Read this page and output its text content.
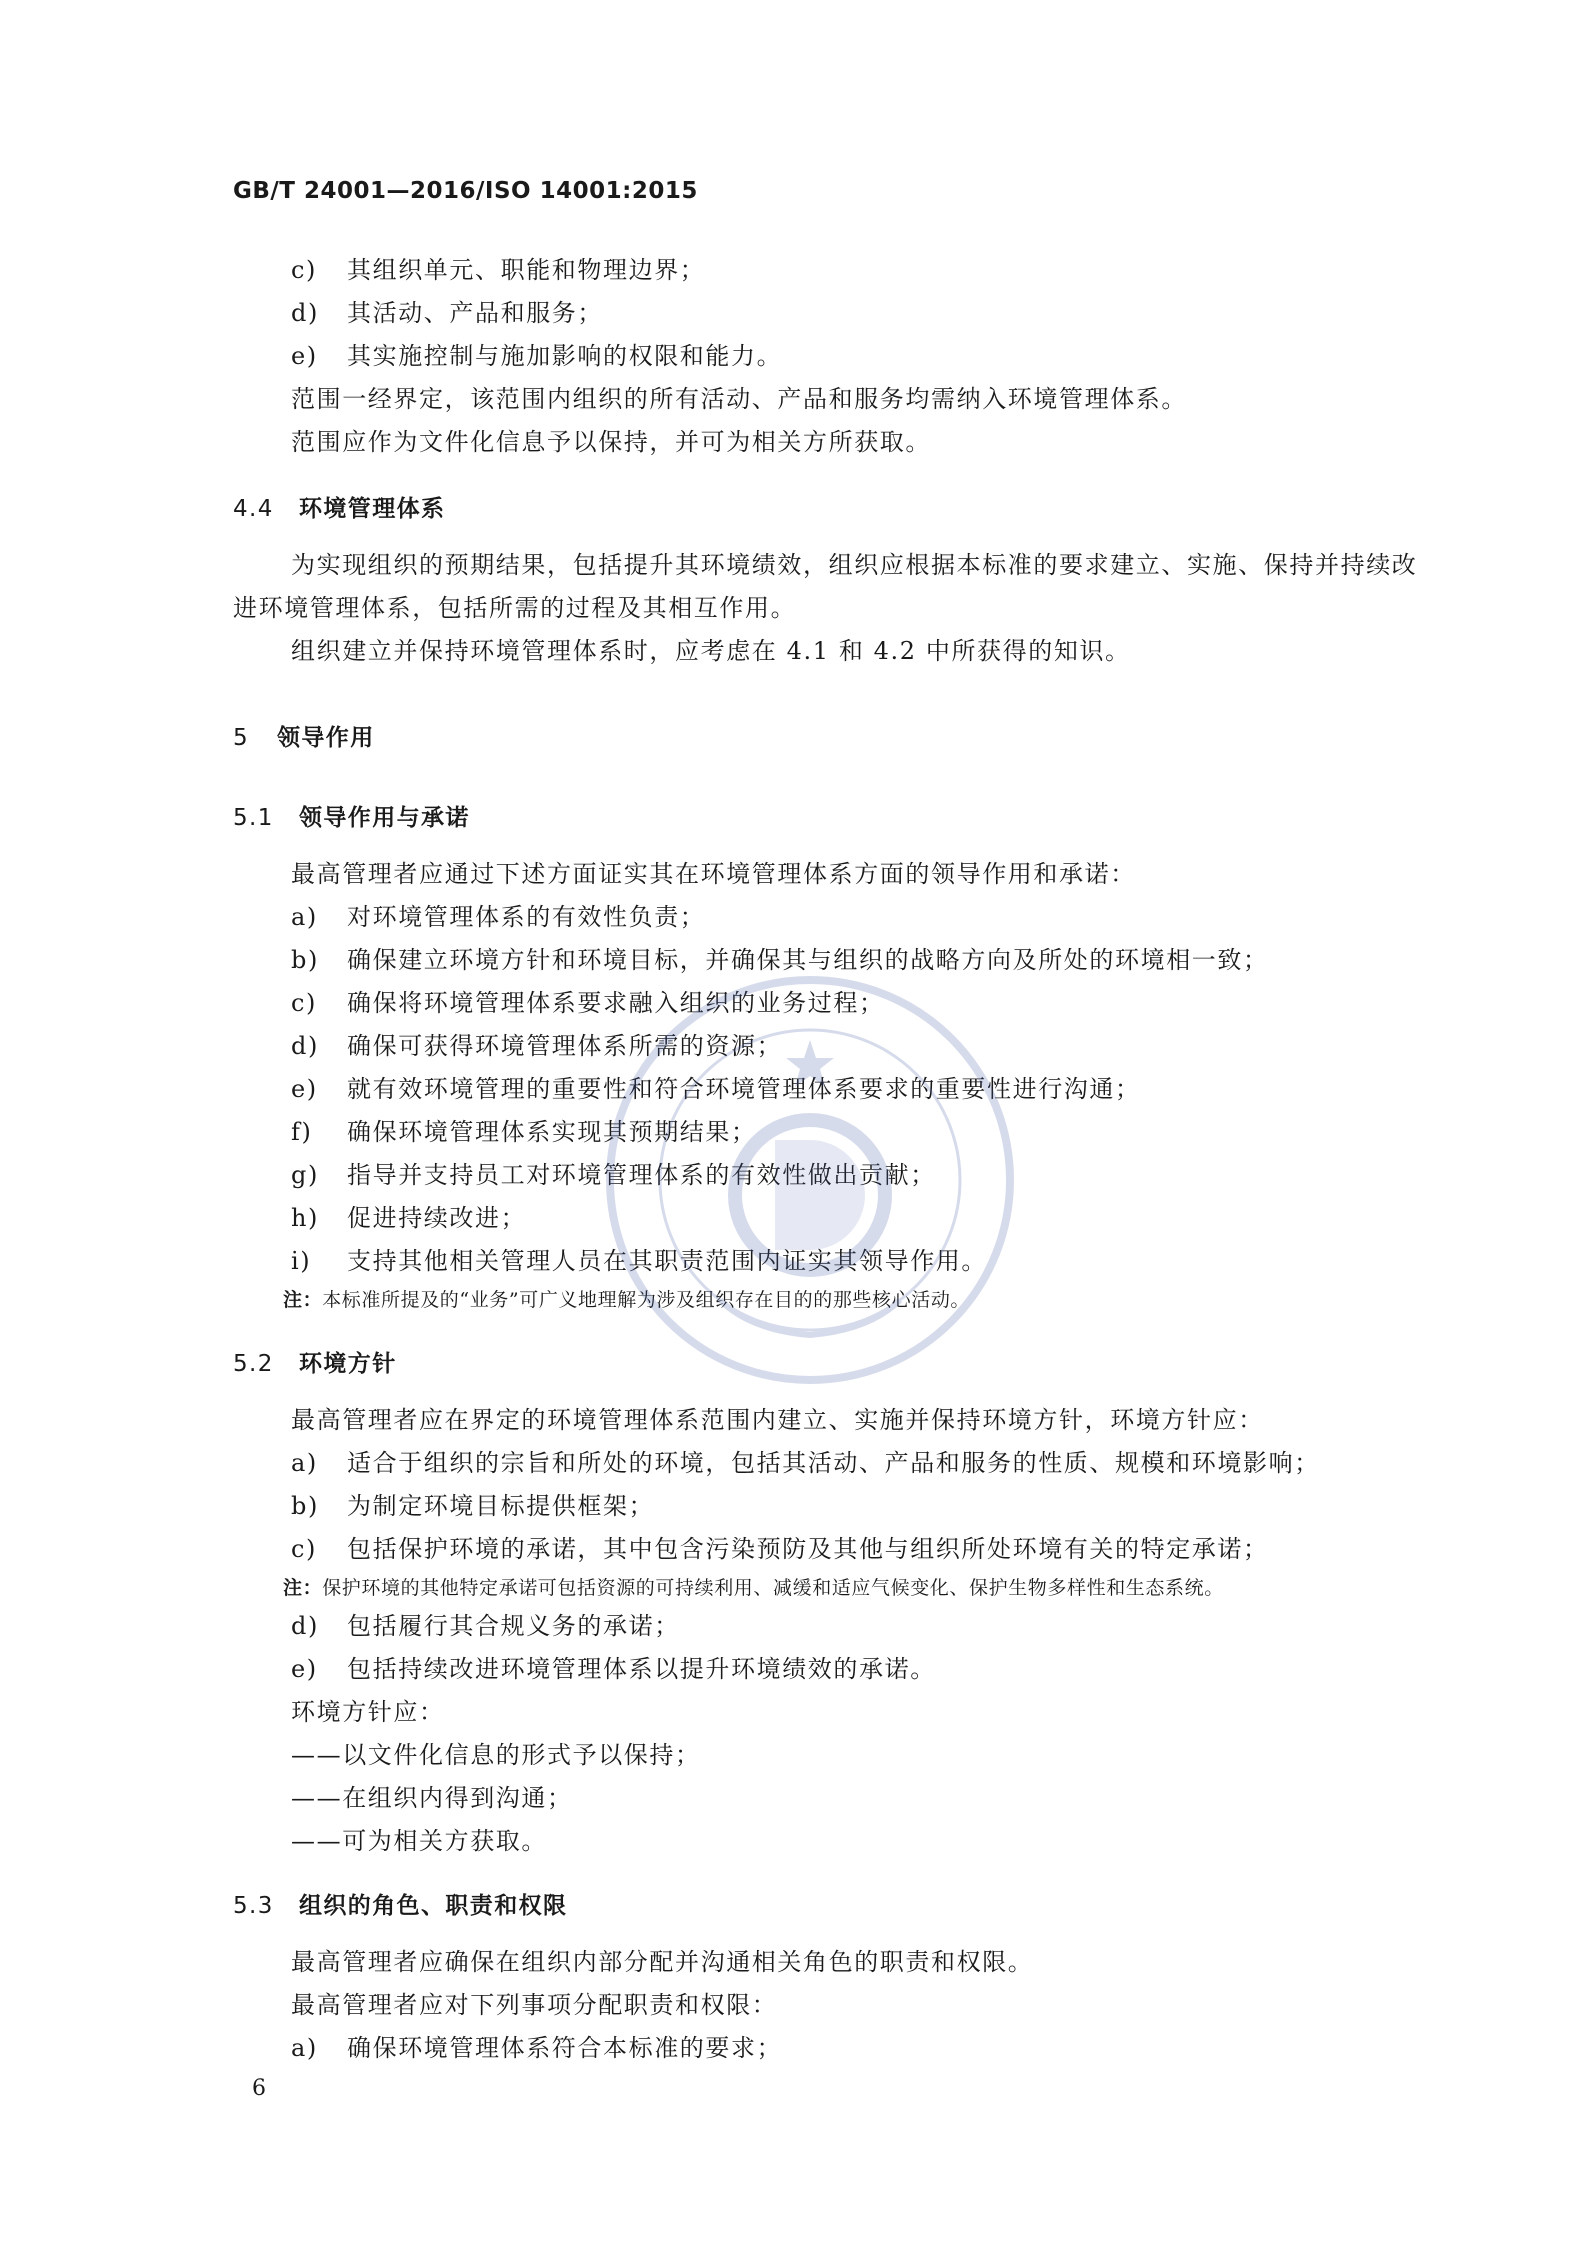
GB/T 24001—2016/ISO 14001:2015
c) 其组织单元、职能和物理边界；
d) 其活动、产品和服务；
e) 其实施控制与施加影响的权限和能力。
范围一经界定，该范围内组织的所有活动、产品和服务均需纳入环境管理体系。
范围应作为文件化信息予以保持，并可为相关方所获取。
4.4 环境管理体系
为实现组织的预期结果，包括提升其环境绩效，组织应根据本标准的要求建立、实施、保持并持续改
进环境管理体系，包括所需的过程及其相互作用。
组织建立并保持环境管理体系时，应考虑在 4.1 和 4.2 中所获得的知识。
5 领导作用
5.1 领导作用与承诺
最高管理者应通过下述方面证实其在环境管理体系方面的领导作用和承诺：
a) 对环境管理体系的有效性负责；
b) 确保建立环境方针和环境目标，并确保其与组织的战略方向及所处的环境相一致；
c) 确保将环境管理体系要求融入组织的业务过程；
d) 确保可获得环境管理体系所需的资源；
e) 就有效环境管理的重要性和符合环境管理体系要求的重要性进行沟通；
f) 确保环境管理体系实现其预期结果；
g) 指导并支持员工对环境管理体系的有效性做出贡献；
h) 促进持续改进；
i) 支持其他相关管理人员在其职责范围内证实其领导作用。
注：本标准所提及的“业务”可广义地理解为涉及组织存在目的的那些核心活动。
5.2 环境方针
最高管理者应在界定的环境管理体系范围内建立、实施并保持环境方针，环境方针应：
a) 适合于组织的宗旨和所处的环境，包括其活动、产品和服务的性质、规模和环境影响；
b) 为制定环境目标提供框架；
c) 包括保护环境的承诺，其中包含污染预防及其他与组织所处环境有关的特定承诺；
注：保护环境的其他特定承诺可包括资源的可持续利用、减缓和适应气候变化、保护生物多样性和生态系统。
d) 包括履行其合规义务的承诺；
e) 包括持续改进环境管理体系以提升环境绩效的承诺。
环境方针应：
——以文件化信息的形式予以保持；
——在组织内得到沟通；
——可为相关方获取。
5.3 组织的角色、职责和权限
最高管理者应确保在组织内部分配并沟通相关角色的职责和权限。
最高管理者应对下列事项分配职责和权限：
a) 确保环境管理体系符合本标准的要求；
6
